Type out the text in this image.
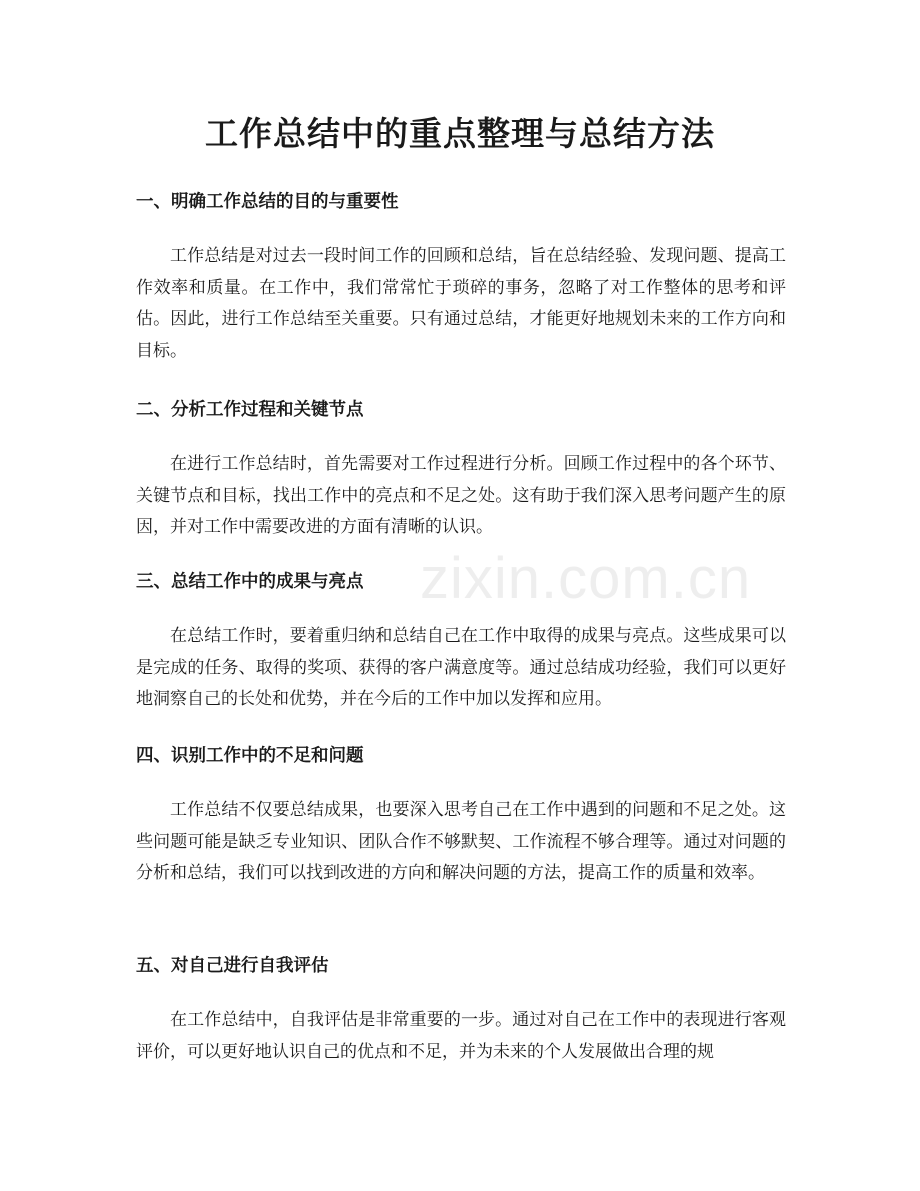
工作总结中的重点整理与总结方法
zixin.com.cn
一、明确工作总结的目的与重要性

工作总结是对过去一段时间工作的回顾和总结，旨在总结经验、发现问题、提高工作效率和质量。在工作中，我们常常忙于琐碎的事务，忽略了对工作整体的思考和评估。因此，进行工作总结至关重要。只有通过总结，才能更好地规划未来的工作方向和目标。

二、分析工作过程和关键节点

在进行工作总结时，首先需要对工作过程进行分析。回顾工作过程中的各个环节、关键节点和目标，找出工作中的亮点和不足之处。这有助于我们深入思考问题产生的原因，并对工作中需要改进的方面有清晰的认识。

三、总结工作中的成果与亮点

在总结工作时，要着重归纳和总结自己在工作中取得的成果与亮点。这些成果可以是完成的任务、取得的奖项、获得的客户满意度等。通过总结成功经验，我们可以更好地洞察自己的长处和优势，并在今后的工作中加以发挥和应用。

四、识别工作中的不足和问题

工作总结不仅要总结成果，也要深入思考自己在工作中遇到的问题和不足之处。这些问题可能是缺乏专业知识、团队合作不够默契、工作流程不够合理等。通过对问题的分析和总结，我们可以找到改进的方向和解决问题的方法，提高工作的质量和效率。

五、对自己进行自我评估

在工作总结中，自我评估是非常重要的一步。通过对自己在工作中的表现进行客观评价，可以更好地认识自己的优点和不足，并为未来的个人发展做出合理的规
